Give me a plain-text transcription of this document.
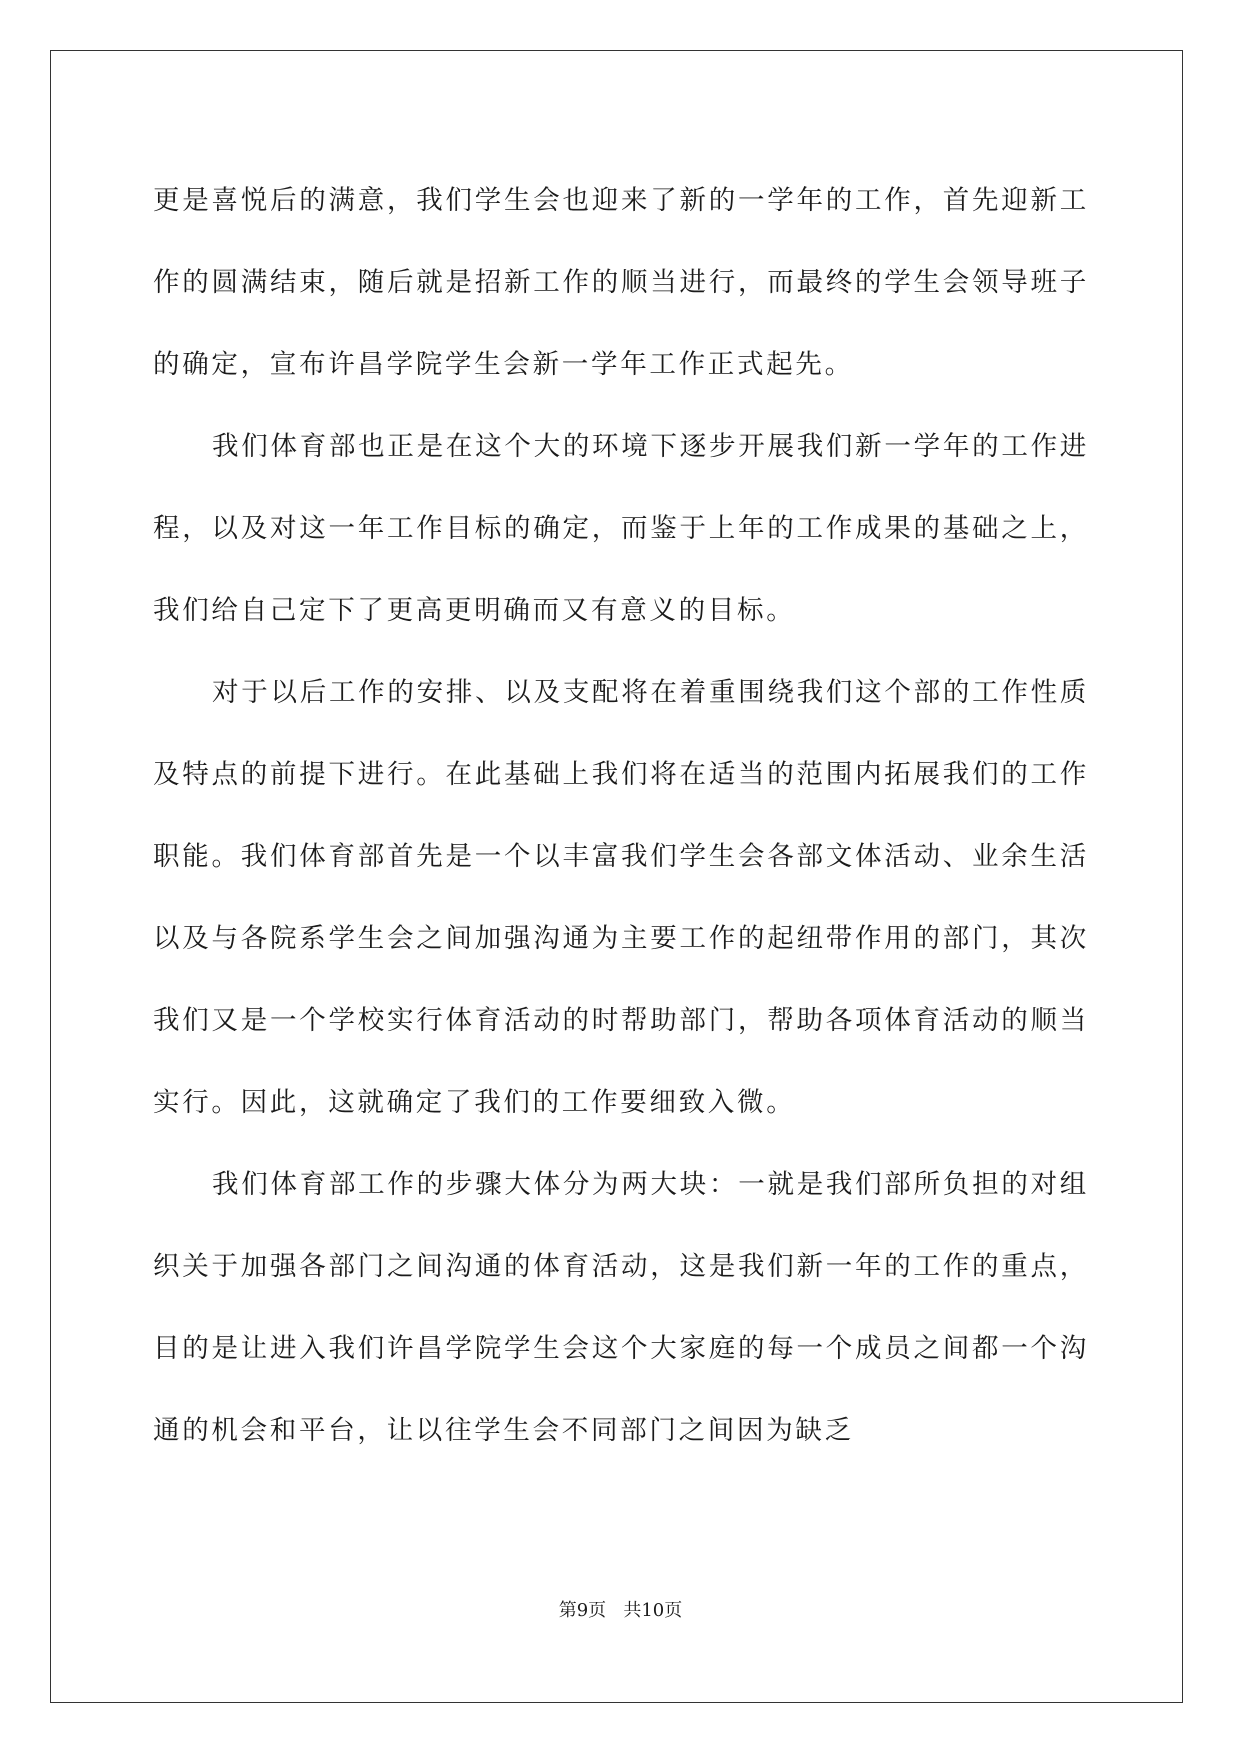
更是喜悦后的满意，我们学生会也迎来了新的一学年的工作，首先迎新工作的圆满结束，随后就是招新工作的顺当进行，而最终的学生会领导班子的确定，宣布许昌学院学生会新一学年工作正式起先。

我们体育部也正是在这个大的环境下逐步开展我们新一学年的工作进程，以及对这一年工作目标的确定，而鉴于上年的工作成果的基础之上，我们给自己定下了更高更明确而又有意义的目标。

对于以后工作的安排、以及支配将在着重围绕我们这个部的工作性质及特点的前提下进行。在此基础上我们将在适当的范围内拓展我们的工作职能。我们体育部首先是一个以丰富我们学生会各部文体活动、业余生活以及与各院系学生会之间加强沟通为主要工作的起纽带作用的部门，其次我们又是一个学校实行体育活动的时帮助部门，帮助各项体育活动的顺当实行。因此，这就确定了我们的工作要细致入微。

我们体育部工作的步骤大体分为两大块：一就是我们部所负担的对组织关于加强各部门之间沟通的体育活动，这是我们新一年的工作的重点，目的是让进入我们许昌学院学生会这个大家庭的每一个成员之间都一个沟通的机会和平台，让以往学生会不同部门之间因为缺乏

第9页   共10页
